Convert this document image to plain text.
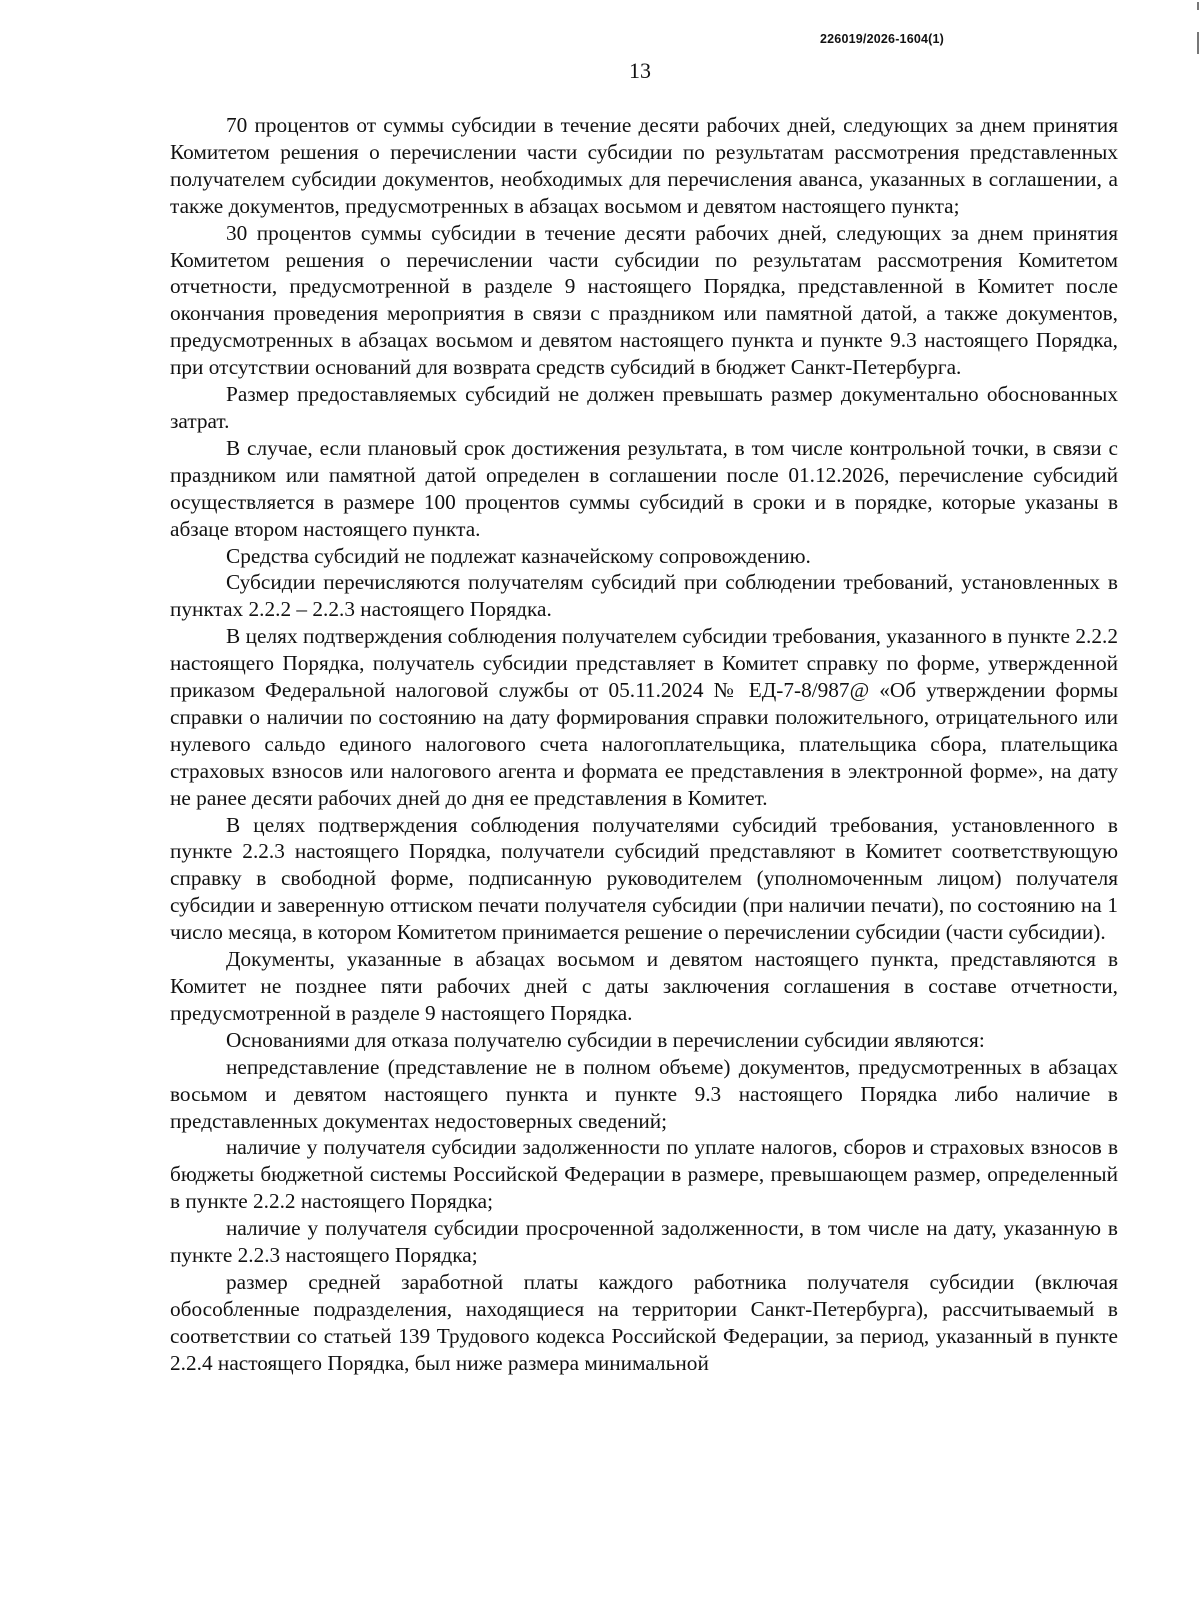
226019/2026-1604(1)
13

70 процентов от суммы субсидии в течение десяти рабочих дней, следующих за днем принятия Комитетом решения о перечислении части субсидии по результатам рассмотрения представленных получателем субсидии документов, необходимых для перечисления аванса, указанных в соглашении, а также документов, предусмотренных в абзацах восьмом и девятом настоящего пункта;

30 процентов суммы субсидии в течение десяти рабочих дней, следующих за днем принятия Комитетом решения о перечислении части субсидии по результатам рассмотрения Комитетом отчетности, предусмотренной в разделе 9 настоящего Порядка, представленной в Комитет после окончания проведения мероприятия в связи с праздником или памятной датой, а также документов, предусмотренных в абзацах восьмом и девятом настоящего пункта и пункте 9.3 настоящего Порядка, при отсутствии оснований для возврата средств субсидий в бюджет Санкт-Петербурга.

Размер предоставляемых субсидий не должен превышать размер документально обоснованных затрат.

В случае, если плановый срок достижения результата, в том числе контрольной точки, в связи с праздником или памятной датой определен в соглашении после 01.12.2026, перечисление субсидий осуществляется в размере 100 процентов суммы субсидий в сроки и в порядке, которые указаны в абзаце втором настоящего пункта.

Средства субсидий не подлежат казначейскому сопровождению.

Субсидии перечисляются получателям субсидий при соблюдении требований, установленных в пунктах 2.2.2 – 2.2.3 настоящего Порядка.

В целях подтверждения соблюдения получателем субсидии требования, указанного в пункте 2.2.2 настоящего Порядка, получатель субсидии представляет в Комитет справку по форме, утвержденной приказом Федеральной налоговой службы от 05.11.2024 № ЕД-7-8/987@ «Об утверждении формы справки о наличии по состоянию на дату формирования справки положительного, отрицательного или нулевого сальдо единого налогового счета налогоплательщика, плательщика сбора, плательщика страховых взносов или налогового агента и формата ее представления в электронной форме», на дату не ранее десяти рабочих дней до дня ее представления в Комитет.

В целях подтверждения соблюдения получателями субсидий требования, установленного в пункте 2.2.3 настоящего Порядка, получатели субсидий представляют в Комитет соответствующую справку в свободной форме, подписанную руководителем (уполномоченным лицом) получателя субсидии и заверенную оттиском печати получателя субсидии (при наличии печати), по состоянию на 1 число месяца, в котором Комитетом принимается решение о перечислении субсидии (части субсидии).

Документы, указанные в абзацах восьмом и девятом настоящего пункта, представляются в Комитет не позднее пяти рабочих дней с даты заключения соглашения в составе отчетности, предусмотренной в разделе 9 настоящего Порядка.

Основаниями для отказа получателю субсидии в перечислении субсидии являются:

непредставление (представление не в полном объеме) документов, предусмотренных в абзацах восьмом и девятом настоящего пункта и пункте 9.3 настоящего Порядка либо наличие в представленных документах недостоверных сведений;

наличие у получателя субсидии задолженности по уплате налогов, сборов и страховых взносов в бюджеты бюджетной системы Российской Федерации в размере, превышающем размер, определенный в пункте 2.2.2 настоящего Порядка;

наличие у получателя субсидии просроченной задолженности, в том числе на дату, указанную в пункте 2.2.3 настоящего Порядка;

размер средней заработной платы каждого работника получателя субсидии (включая обособленные подразделения, находящиеся на территории Санкт-Петербурга), рассчитываемый в соответствии со статьей 139 Трудового кодекса Российской Федерации, за период, указанный в пункте 2.2.4 настоящего Порядка, был ниже размера минимальной
